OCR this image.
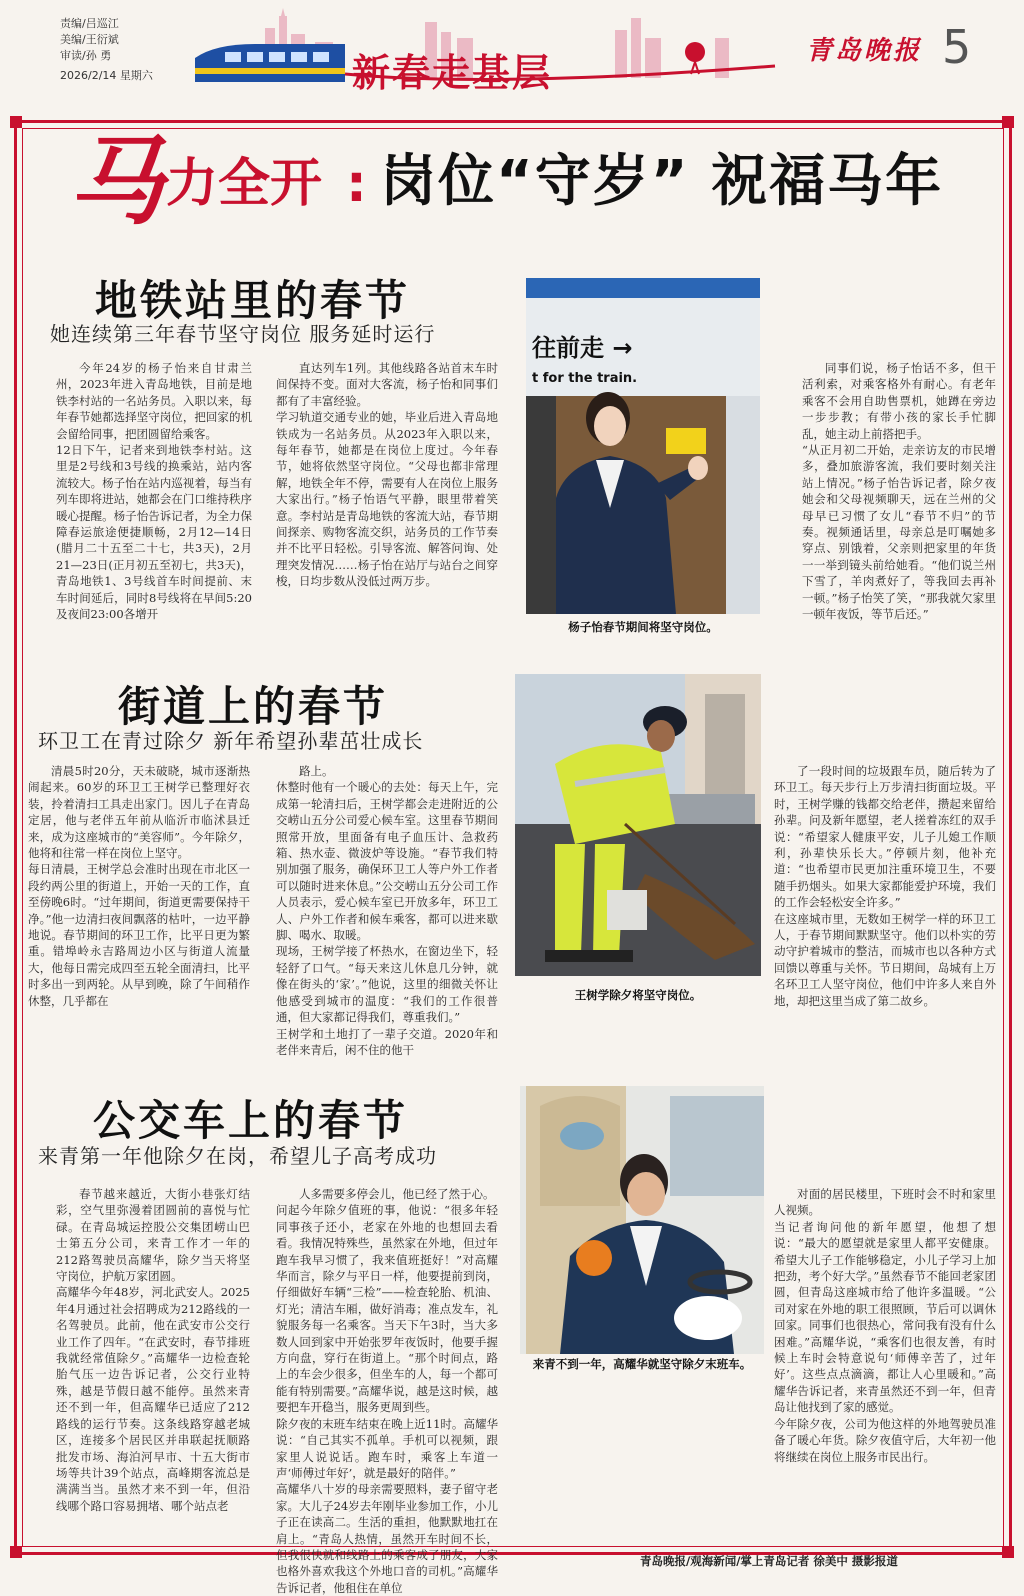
责编/吕巡江
美编/王衍斌
审读/孙 勇
2026/2/14 星期六	新春走基层	青岛晚报 5
马 力全开 : 岗位“守岁” 祝福马年
地铁站里的春节
她连续第三年春节坚守岗位 服务延时运行

今年24岁的杨子怡来自甘肃兰州，2023年进入青岛地铁，目前是地铁李村站的一名站务员。入职以来，每年春节她都选择坚守岗位，把回家的机会留给同事，把团圆留给乘客。
12日下午，记者来到地铁李村站。这里是2号线和3号线的换乘站，站内客流较大。杨子怡在站内巡视着，每当有列车即将进站，她都会在门口维持秩序暖心提醒。杨子怡告诉记者，为全力保障春运旅途便捷顺畅，2月12—14日(腊月二十五至二十七，共3天)，2月21—23日(正月初五至初七，共3天)，青岛地铁1、3号线首车时间提前、末车时间延后，同时8号线将在早间5:20及夜间23:00各增开

直达列车1列。其他线路各站首末车时间保持不变。面对大客流，杨子怡和同事们都有了丰富经验。
学习轨道交通专业的她，毕业后进入青岛地铁成为一名站务员。从2023年入职以来，每年春节，她都是在岗位上度过。今年春节，她将依然坚守岗位。“父母也都非常理解，地铁全年不停，需要有人在岗位上服务大家出行。”杨子怡语气平静，眼里带着笑意。李村站是青岛地铁的客流大站，春节期间探亲、购物客流交织，站务员的工作节奏并不比平日轻松。引导客流、解答问询、处理突发情况……杨子怡在站厅与站台之间穿梭，日均步数从没低过两万步。

往前走 →
t for the train.
杨子怡春节期间将坚守岗位。

同事们说，杨子怡话不多，但干活利索，对乘客格外有耐心。有老年乘客不会用自助售票机，她蹲在旁边一步步教；有带小孩的家长手忙脚乱，她主动上前搭把手。
“从正月初二开始，走亲访友的市民增多，叠加旅游客流，我们要时刻关注站上情况。”杨子怡告诉记者，除夕夜她会和父母视频聊天，远在兰州的父母早已习惯了女儿“春节不归”的节奏。视频通话里，母亲总是叮嘱她多穿点、别饿着，父亲则把家里的年货一一举到镜头前给她看。“他们说兰州下雪了，羊肉煮好了，等我回去再补一顿。”杨子怡笑了笑，“那我就欠家里一顿年夜饭，等节后还。”

街道上的春节
环卫工在青过除夕 新年希望孙辈茁壮成长

清晨5时20分，天未破晓，城市逐渐热闹起来。60岁的环卫工王树学已整理好衣装，拎着清扫工具走出家门。因儿子在青岛定居，他与老伴五年前从临沂市临沭县迁来，成为这座城市的“美容师”。今年除夕，他将和往常一样在岗位上坚守。
每日清晨，王树学总会准时出现在市北区一段约两公里的街道上，开始一天的工作，直至傍晚6时。“过年期间，街道更需要保持干净。”他一边清扫夜间飘落的枯叶，一边平静地说。春节期间的环卫工作，比平日更为繁重。错埠岭永吉路周边小区与街道人流量大，他每日需完成四至五轮全面清扫，比平时多出一到两轮。从早到晚，除了午间稍作休整，几乎都在

路上。
休整时他有一个暖心的去处：每天上午，完成第一轮清扫后，王树学都会走进附近的公交崂山五分公司爱心候车室。这里春节期间照常开放，里面备有电子血压计、急救药箱、热水壶、微波炉等设施。“春节我们特别加强了服务，确保环卫工人等户外工作者可以随时进来休息。”公交崂山五分公司工作人员表示，爱心候车室已开放多年，环卫工人、户外工作者和候车乘客，都可以进来歇脚、喝水、取暖。
现场，王树学接了杯热水，在窗边坐下，轻轻舒了口气。“每天来这儿休息几分钟，就像在街头的‘家’。”他说，这里的细微关怀让他感受到城市的温度：“我们的工作很普通，但大家都记得我们，尊重我们。”
王树学和土地打了一辈子交道。2020年和老伴来青后，闲不住的他干

王树学除夕将坚守岗位。

了一段时间的垃圾跟车员，随后转为了环卫工。每天步行上万步清扫街面垃圾。平时，王树学赚的钱都交给老伴，攒起来留给孙辈。问及新年愿望，老人搓着冻红的双手说：“希望家人健康平安，儿子儿媳工作顺利，孙辈快乐长大。”停顿片刻，他补充道：“也希望市民更加注重环境卫生，不要随手扔烟头。如果大家都能爱护环境，我们的工作会轻松安全许多。”
在这座城市里，无数如王树学一样的环卫工人，于春节期间默默坚守。他们以朴实的劳动守护着城市的整洁，而城市也以各种方式回馈以尊重与关怀。节日期间，岛城有上万名环卫工人坚守岗位，他们中许多人来自外地，却把这里当成了第二故乡。

公交车上的春节
来青第一年他除夕在岗，希望儿子高考成功

春节越来越近，大街小巷张灯结彩，空气里弥漫着团圆前的喜悦与忙碌。在青岛城运控股公交集团崂山巴士第五分公司，来青工作才一年的212路驾驶员高耀华，除夕当天将坚守岗位，护航万家团圆。
高耀华今年48岁，河北武安人。2025年4月通过社会招聘成为212路线的一名驾驶员。此前，他在武安市公交行业工作了四年。“在武安时，春节排班我就经常值除夕。”高耀华一边检查轮胎气压一边告诉记者，公交行业特殊，越是节假日越不能停。虽然来青还不到一年，但高耀华已适应了212路线的运行节奏。这条线路穿越老城区，连接多个居民区并串联起抚顺路批发市场、海泊河早市、十五大街市场等共计39个站点，高峰期客流总是满满当当。虽然才来不到一年，但沿线哪个路口容易拥堵、哪个站点老

人多需要多停会儿，他已经了然于心。
问起今年除夕值班的事，他说：“很多年轻同事孩子还小，老家在外地的也想回去看看。我情况特殊些，虽然家在外地，但过年跑车我早习惯了，我来值班挺好！”对高耀华而言，除夕与平日一样，他要提前到岗，仔细做好车辆“三检”——检查轮胎、机油、灯光；清洁车厢，做好消毒；准点发车，礼貌服务每一名乘客。当天下午3时，当大多数人回到家中开始张罗年夜饭时，他要手握方向盘，穿行在街道上。“那个时间点，路上的车会少很多，但坐车的人，每一个都可能有特别需要。”高耀华说，越是这时候，越要把车开稳当，服务更周到些。
除夕夜的末班车结束在晚上近11时。高耀华说：“自己其实不孤单。手机可以视频，跟家里人说说话。跑车时，乘客上车道一声‘师傅过年好’，就是最好的陪伴。”
高耀华八十岁的母亲需要照料，妻子留守老家。大儿子24岁去年刚毕业参加工作，小儿子正在读高二。生活的重担，他默默地扛在肩上。“青岛人热情，虽然开车时间不长，但我很快就和线路上的乘客成了朋友，大家也格外喜欢我这个外地口音的司机。”高耀华告诉记者，他租住在单位

来青不到一年，高耀华就坚守除夕末班车。

对面的居民楼里，下班时会不时和家里人视频。
当记者询问他的新年愿望，他想了想说：“最大的愿望就是家里人都平安健康。希望大儿子工作能够稳定，小儿子学习上加把劲，考个好大学。”虽然春节不能回老家团圆，但青岛这座城市给了他许多温暖。“公司对家在外地的职工很照顾，节后可以调休回家。同事们也很热心，常问我有没有什么困难。”高耀华说，“乘客们也很友善，有时候上车时会特意说句‘师傅辛苦了，过年好’。这些点点滴滴，都让人心里暖和。”高耀华告诉记者，来青虽然还不到一年，但青岛让他找到了家的感觉。
今年除夕夜，公司为他这样的外地驾驶员准备了暖心年货。除夕夜值守后，大年初一他将继续在岗位上服务市民出行。

青岛晚报/观海新闻/掌上青岛记者 徐美中 摄影报道
